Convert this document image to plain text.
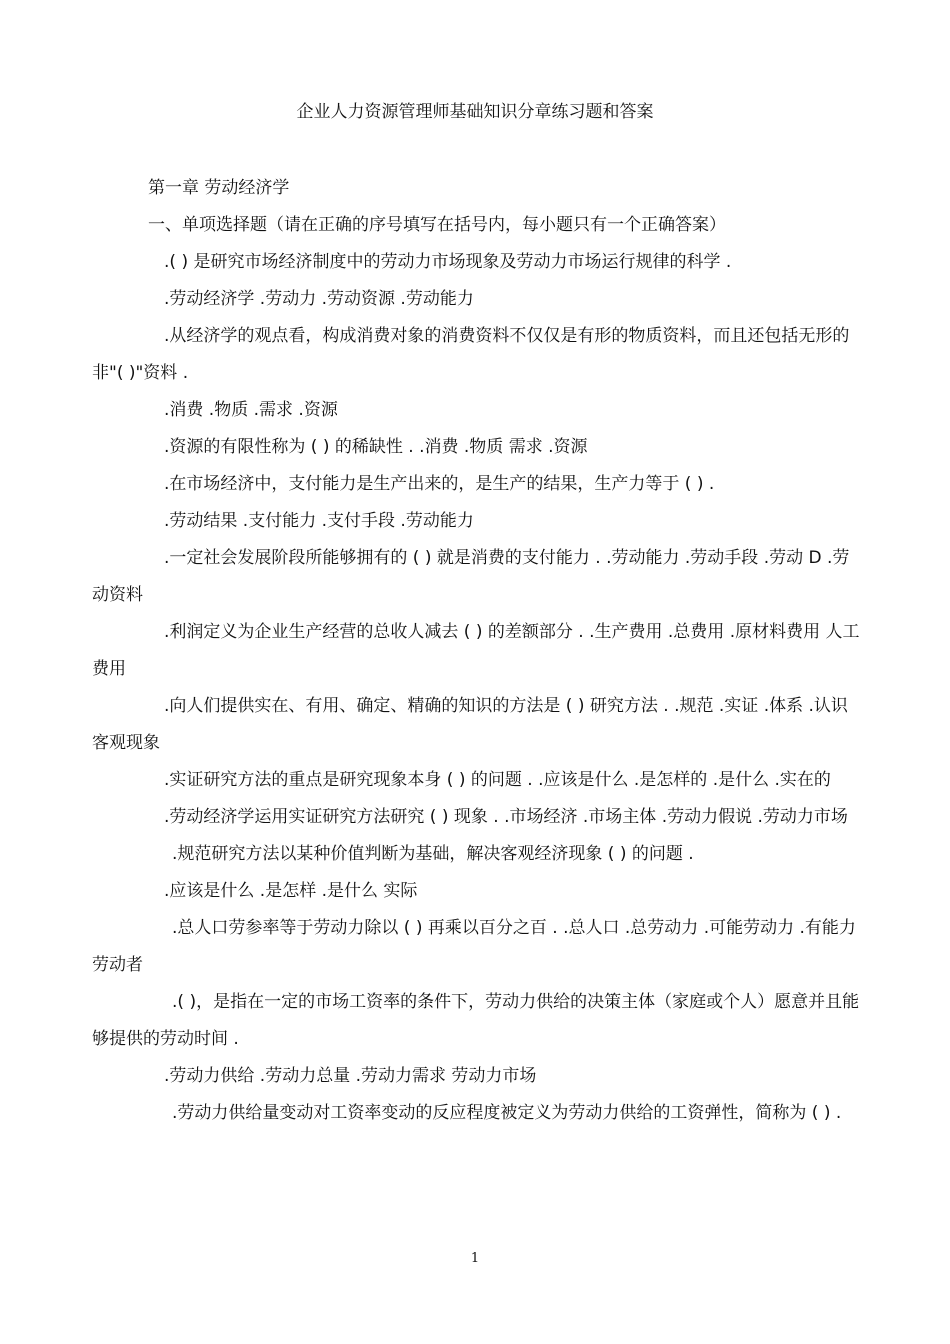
企业人力资源管理师基础知识分章练习题和答案

第一章 劳动经济学

一、单项选择题（请在正确的序号填写在括号内，每小题只有一个正确答案）

.( ) 是研究市场经济制度中的劳动力市场现象及劳动力市场运行规律的科学 .

.劳动经济学 .劳动力 .劳动资源 .劳动能力

.从经济学的观点看，构成消费对象的消费资料不仅仅是有形的物质资料，而且还包括无形的非"( )"资料 .

.消费 .物质 .需求 .资源

.资源的有限性称为 ( ) 的稀缺性 . .消费 .物质 需求 .资源

.在市场经济中，支付能力是生产出来的，是生产的结果，生产力等于 ( ) .

.劳动结果 .支付能力 .支付手段 .劳动能力

.一定社会发展阶段所能够拥有的 ( ) 就是消费的支付能力 . .劳动能力 .劳动手段 .劳动 D .劳动资料

.利润定义为企业生产经营的总收人减去 ( ) 的差额部分 . .生产费用 .总费用 .原材料费用 人工费用

.向人们提供实在、有用、确定、精确的知识的方法是 ( ) 研究方法 . .规范 .实证 .体系 .认识客观现象

.实证研究方法的重点是研究现象本身 ( ) 的问题 . .应该是什么 .是怎样的 .是什么 .实在的

.劳动经济学运用实证研究方法研究 ( ) 现象 . .市场经济 .市场主体 .劳动力假说 .劳动力市场

.规范研究方法以某种价值判断为基础，解决客观经济现象 ( ) 的问题 .

.应该是什么 .是怎样 .是什么 实际

.总人口劳参率等于劳动力除以 ( ) 再乘以百分之百 . .总人口 .总劳动力 .可能劳动力 .有能力劳动者

.( )，是指在一定的市场工资率的条件下，劳动力供给的决策主体（家庭或个人）愿意并且能够提供的劳动时间 .

.劳动力供给 .劳动力总量 .劳动力需求 劳动力市场

.劳动力供给量变动对工资率变动的反应程度被定义为劳动力供给的工资弹性，简称为 ( ) .

1
